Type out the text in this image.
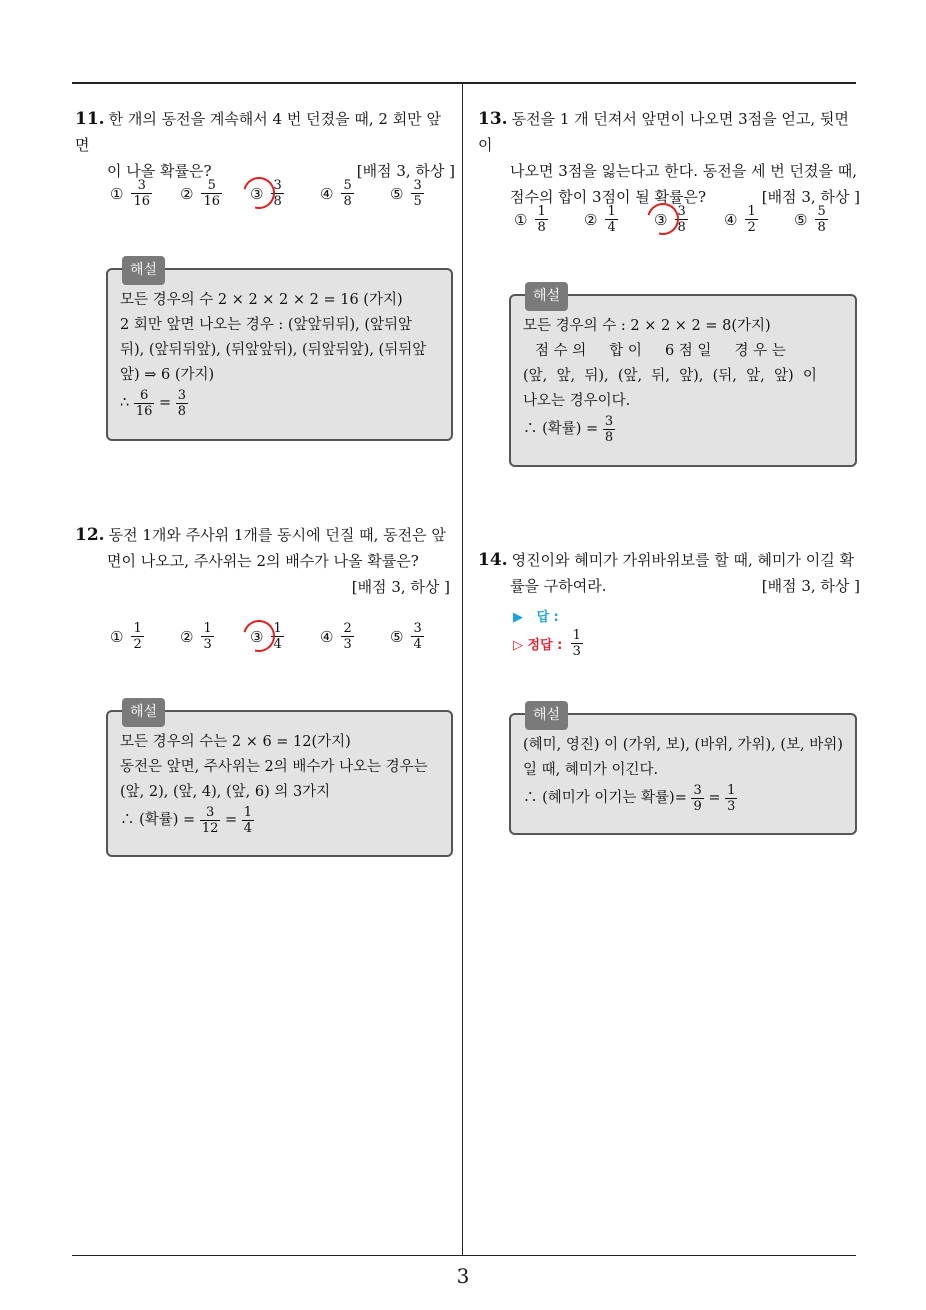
3
11. 한 개의 동전을 계속해서 4 번 던졌을 때, 2 회만 앞면
이 나올 확률은?	[배점 3, 하상 ]
① $\frac{3}{16}$ ② $\frac{5}{16}$ ③ $\frac{3}{8}$ ④ $\frac{5}{8}$ ⑤ $\frac{3}{5}$
해설

모든 경우의 수 2 × 2 × 2 × 2 = 16 (가지)

2 회만 앞면 나오는 경우 : (앞앞뒤뒤), (앞뒤앞

뒤), (앞뒤뒤앞), (뒤앞앞뒤), (뒤앞뒤앞), (뒤뒤앞

앞) ⇒ 6 (가지)

∴
$\frac{6}{16}$
=
$\frac{3}{8}$

12. 동전 1개와 주사위 1개를 동시에 던질 때, 동전은 앞
면이 나오고, 주사위는 2의 배수가 나올 확률은?
[배점 3, 하상 ]
① $\frac{1}{2}$ ② $\frac{1}{3}$ ③ $\frac{1}{4}$ ④ $\frac{2}{3}$ ⑤ $\frac{3}{4}$
해설

모든 경우의 수는 2 × 6 = 12(가지)

동전은 앞면, 주사위는 2의 배수가 나오는 경우는

(앞, 2), (앞, 4), (앞, 6) 의 3가지

∴ (확률) =
$\frac{3}{12}$
=
$\frac{1}{4}$

13. 동전을 1 개 던져서 앞면이 나오면 3점을 얻고, 뒷면이
나오면 3점을 잃는다고 한다. 동전을 세 번 던졌을 때,
점수의 합이 3점이 될 확률은?	[배점 3, 하상 ]
① $\frac{1}{8}$ ② $\frac{1}{4}$ ③ $\frac{3}{8}$ ④ $\frac{1}{2}$ ⑤ $\frac{5}{8}$
해설

모든 경우의 수 : 2 × 2 × 2 = 8(가지)

점 수 의     합 이     6 점 일     경 우 는

(앞,  앞,  뒤),  (앞,  뒤,  앞),  (뒤,  앞,  앞)  이

나오는 경우이다.

∴ (확률) =
$\frac{3}{8}$

14. 영진이와 혜미가 가위바위보를 할 때, 혜미가 이길 확
률을 구하여라.	[배점 3, 하상 ]
▶   답 :
▷ 정답 :
$\frac{1}{3}$
해설

(혜미, 영진) 이 (가위, 보), (바위, 가위), (보, 바위)

일 때, 혜미가 이긴다.

∴ (혜미가 이기는 확률)=
$\frac{3}{9}$
=
$\frac{1}{3}$
